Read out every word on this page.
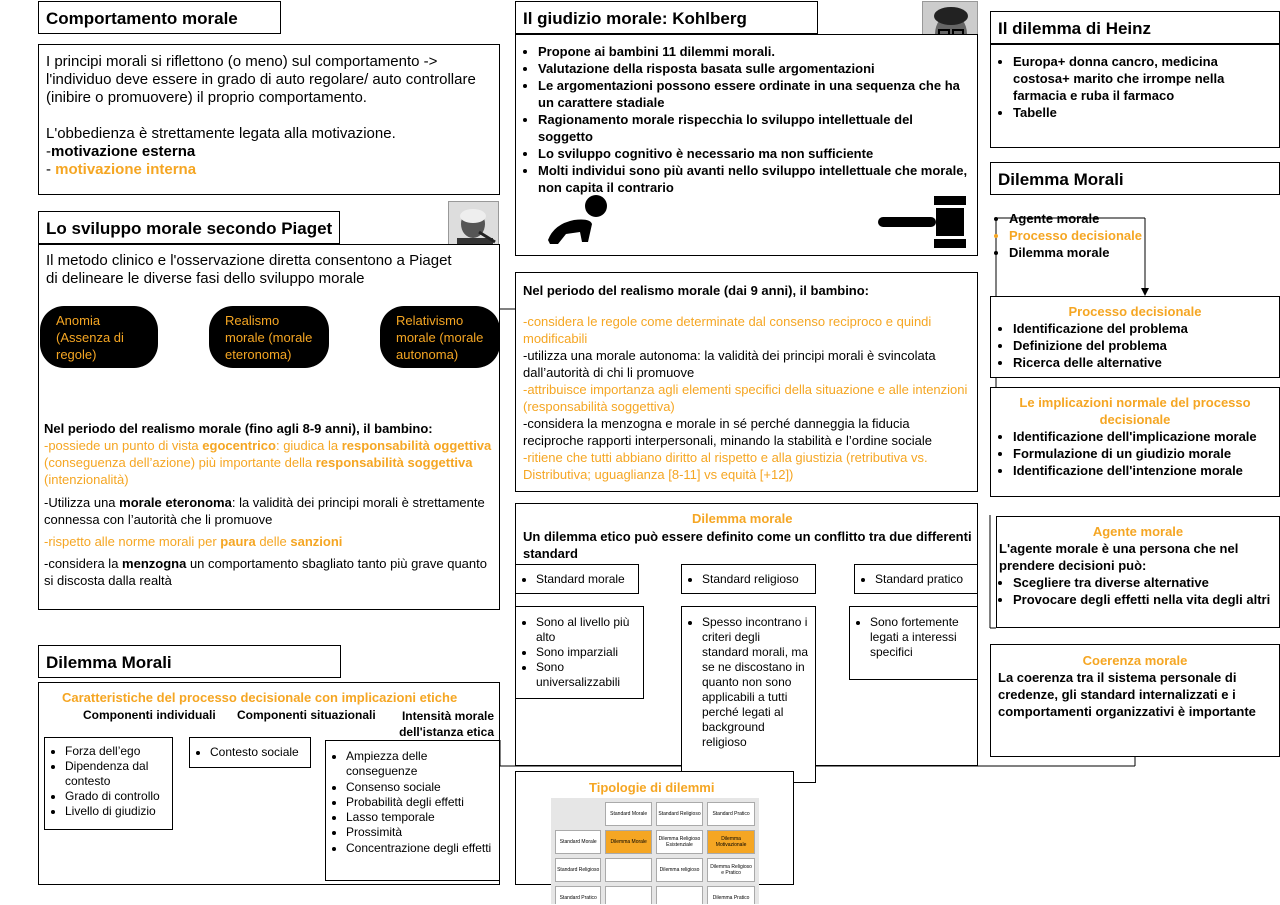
Comportamento morale
I principi morali si riflettono (o meno) sul comportamento -> l'individuo deve essere in grado di auto regolare/ auto controllare (inibire o promuovere) il proprio comportamento.
L'obbedienza è strettamente legata alla motivazione.
-motivazione esterna
- motivazione interna
Lo sviluppo morale secondo Piaget
Il metodo clinico e l'osservazione diretta consentono a Piaget di delineare le diverse fasi dello sviluppo morale
Anomia (Assenza di regole)
Realismo morale (morale eteronoma)
Relativismo morale (morale autonoma)
Nel periodo del realismo morale (fino agli 8-9 anni), il bambino:
-possiede un punto di vista egocentrico: giudica la responsabilità oggettiva (conseguenza dell’azione) più importante della responsabilità soggettiva (intenzionalità)
-Utilizza una morale eteronoma: la validità dei principi morali è strettamente connessa con l’autorità che li promuove
-rispetto alle norme morali per paura delle sanzioni
-considera la menzogna un comportamento sbagliato tanto più grave quanto si discosta dalla realtà
Il giudizio morale: Kohlberg
• Propone ai bambini 11 dilemmi morali.
• Valutazione della risposta basata sulle argomentazioni
• Le argomentazioni possono essere ordinate in una sequenza che ha un carattere stadiale
• Ragionamento morale rispecchia lo sviluppo intellettuale del soggetto
• Lo sviluppo cognitivo è necessario ma non sufficiente
• Molti individui sono più avanti nello sviluppo intellettuale che morale, non capita il contrario
Nel periodo del realismo morale (dai 9 anni), il bambino:
-considera le regole come determinate dal consenso reciproco e quindi modificabili
-utilizza una morale autonoma: la validità dei principi morali è svincolata dall’autorità di chi li promuove
-attribuisce importanza agli elementi specifici della situazione e alle intenzioni (responsabilità soggettiva)
-considera la menzogna e morale in sé perché danneggia la fiducia reciproche rapporti interpersonali, minando la stabilità e l’ordine sociale
-ritiene che tutti abbiano diritto al rispetto e alla giustizia (retributiva vs. Distributiva; uguaglianza [8-11] vs equità [+12])
Dilemma morale
Un dilemma etico può essere definito come un conflitto tra due differenti standard
• Standard morale	• Standard religioso	• Standard pratico
• Sono al livello più alto
• Sono imparziali
• Sono universalizzabili
• Spesso incontrano i criteri degli standard morali, ma se ne discostano in quanto non sono applicabili a tutti perché legati al background religioso
• Sono fortemente legati a interessi specifici
Tipologie di dilemmi
	Standard Morale	Standard Religioso	Standard Pratico
Standard Morale	Dilemma Morale	Dilemma Religioso Esistenziale	Dilemma Motivazionale
Standard Religioso		Dilemma religioso	Dilemma Religioso e Pratico
Standard Pratico			Dilemma Pratico
Dilemma Morali
Caratteristiche del processo decisionale con implicazioni etiche
Componenti individuali Componenti situazionali	Intensità morale dell'istanza etica
• Forza dell’ego
• Dipendenza dal contesto
• Grado di controllo
• Livello di giudizio
• Contesto sociale	• Ampiezza delle conseguenze
• Consenso sociale
• Probabilità degli effetti
• Lasso temporale
• Prossimità
• Concentrazione degli effetti
Il dilemma di Heinz
• Europa+ donna cancro, medicina costosa+ marito che irrompe nella farmacia e ruba il farmaco
• Tabelle
Dilemma Morali
• Agente morale
• Processo decisionale
• Dilemma morale
Processo decisionale
• Identificazione del problema
• Definizione del problema
• Ricerca delle alternative
Le implicazioni normale del processo decisionale
• Identificazione dell'implicazione morale
• Formulazione di un giudizio morale
• Identificazione dell'intenzione morale
Agente morale
L'agente morale è una persona che nel prendere decisioni può:
• Scegliere tra diverse alternative
• Provocare degli effetti nella vita degli altri
Coerenza morale
La coerenza tra il sistema personale di credenze, gli standard internalizzati e i comportamenti organizzativi è importante
